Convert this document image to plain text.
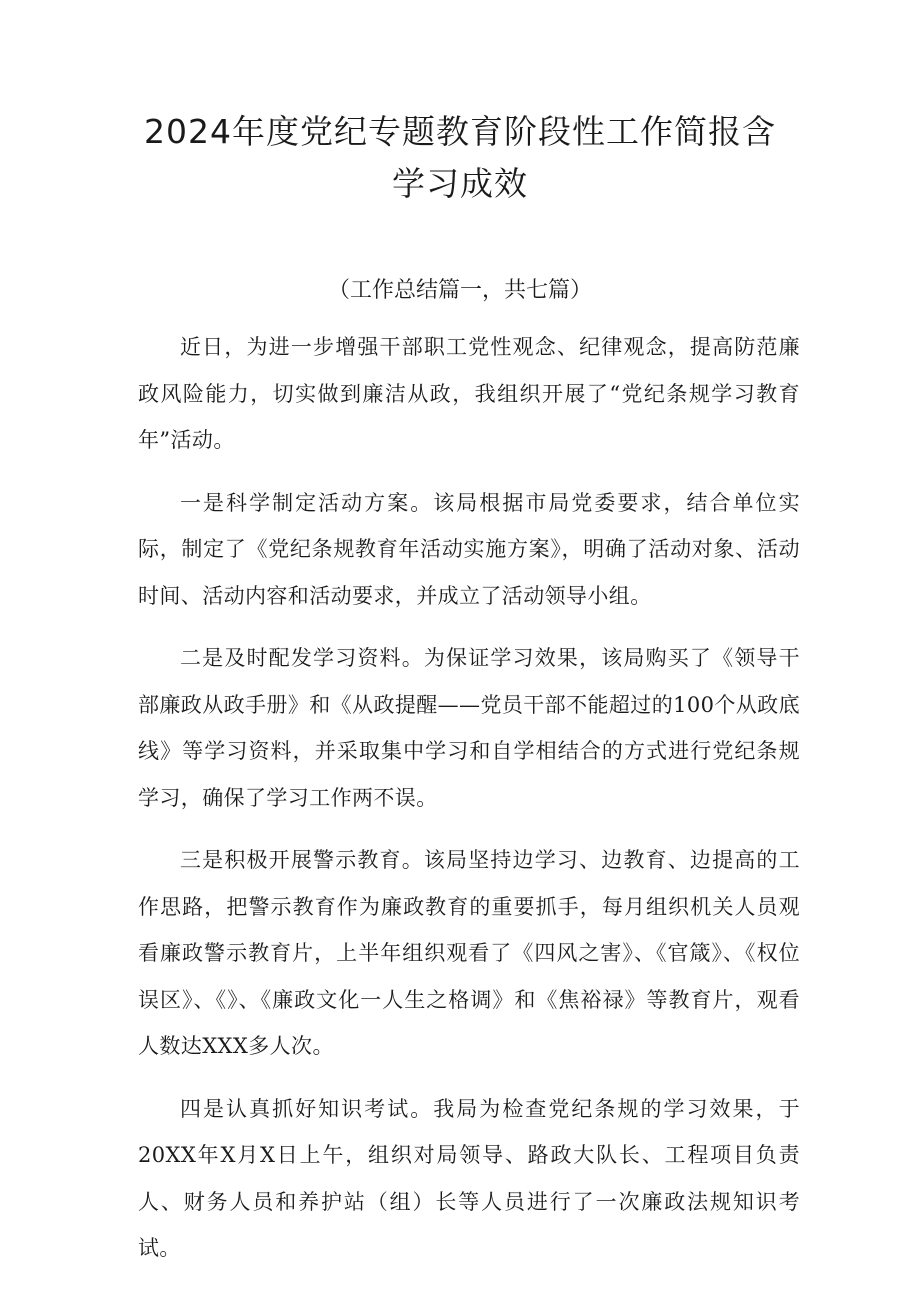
2024年度党纪专题教育阶段性工作简报含
学习成效

（工作总结篇一，共七篇）

近日，为进一步增强干部职工党性观念、纪律观念，提高防范廉政风险能力，切实做到廉洁从政，我组织开展了“党纪条规学习教育年”活动。

一是科学制定活动方案。该局根据市局党委要求，结合单位实际，制定了《党纪条规教育年活动实施方案》，明确了活动对象、活动时间、活动内容和活动要求，并成立了活动领导小组。

二是及时配发学习资料。为保证学习效果，该局购买了《领导干部廉政从政手册》和《从政提醒——党员干部不能超过的100个从政底线》等学习资料，并采取集中学习和自学相结合的方式进行党纪条规学习，确保了学习工作两不误。

三是积极开展警示教育。该局坚持边学习、边教育、边提高的工作思路，把警示教育作为廉政教育的重要抓手，每月组织机关人员观看廉政警示教育片，上半年组织观看了《四风之害》、《官箴》、《权位误区》、《》、《廉政文化一人生之格调》和《焦裕禄》等教育片，观看人数达XXX多人次。

四是认真抓好知识考试。我局为检查党纪条规的学习效果，于20XX年X月X日上午，组织对局领导、路政大队长、工程项目负责人、财务人员和养护站（组）长等人员进行了一次廉政法规知识考试。
